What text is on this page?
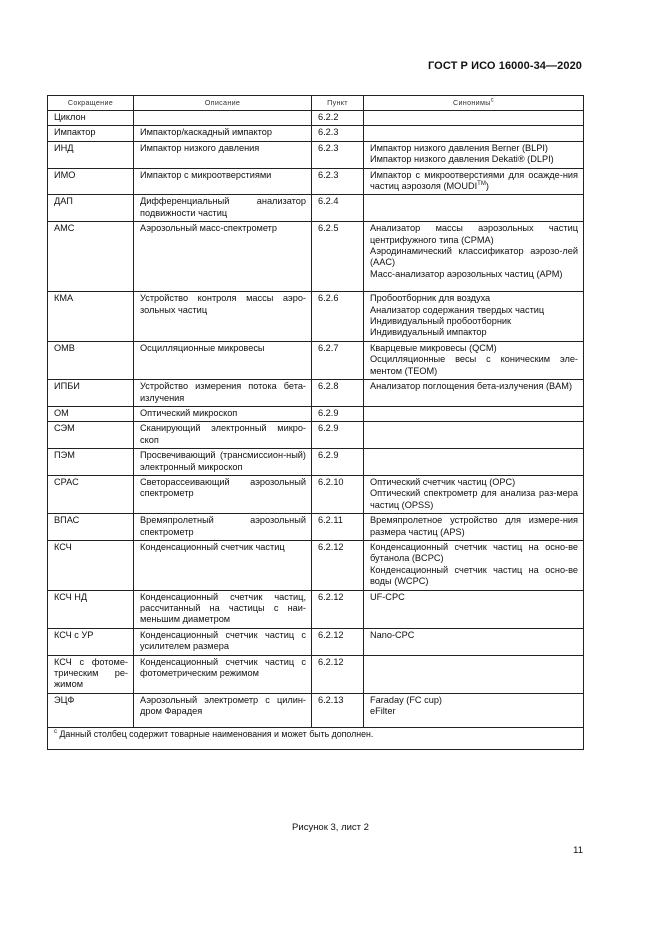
ГОСТ Р ИСО 16000-34—2020
Сокращение	Описание	Пункт	Синонимы$^c$
Циклон		6.2.2	
Импактор	Импактор/каскадный импактор	6.2.3	
ИНД	Импактор низкого давления	6.2.3	Импактор низкого давления Berner (BLPI)
Импактор низкого давления Dekati® (DLPI)

ИМО	Импактор с микроотверстиями	6.2.3	Импактор с микроотверстиями для осажде-ния частиц аэрозоля (MOUDI™)

ДАП	Дифференциальный анализатор подвижности частиц	6.2.4	
АМС	Аэрозольный масс-спектрометр	6.2.5	Анализатор массы аэрозольных частиц центрифужного типа (CPMA)
Аэродинамический классификатор аэрозо-лей (AAC)
Масс-анализатор аэрозольных частиц (APM)

КМА	Устройство контроля массы аэро-зольных частиц	6.2.6	Пробоотборник для воздуха
Анализатор содержания твердых частиц
Индивидуальный пробоотборник
Индивидуальный импактор

ОМВ	Осцилляционные микровесы	6.2.7	Кварцевые микровесы (QCM)
Осцилляционные весы с коническим эле-ментом (TEOM)

ИПБИ	Устройство измерения потока бета-излучения	6.2.8	Анализатор поглощения бета-излучения (BAM)

ОМ	Оптический микроскоп	6.2.9	
СЭМ	Сканирующий электронный микро-скоп	6.2.9	
ПЭМ	Просвечивающий (трансмиссион-ный) электронный микроскоп	6.2.9	
СРАС	Светорассеивающий аэрозольный спектрометр	6.2.10	Оптический счетчик частиц (OPC)
Оптический спектрометр для анализа раз-мера частиц (OPSS)

ВПАС	Времяпролетный аэрозольный спектрометр	6.2.11	Времяпролетное устройство для измере-ния размера частиц (APS)

КСЧ	Конденсационный счетчик частиц	6.2.12	Конденсационный счетчик частиц на осно-ве бутанола (BCPC)
Конденсационный счетчик частиц на осно-ве воды (WCPC)

КСЧ НД	Конденсационный счетчик частиц, рассчитанный на частицы с наи-меньшим диаметром	6.2.12	UF-CPC

КСЧ с УР	Конденсационный счетчик частиц с усилителем размера	6.2.12	Nano-CPC

КСЧ с фотоме-трическим ре-жимом	Конденсационный счетчик частиц с фотометрическим режимом	6.2.12	
ЭЦФ	Аэрозольный электрометр с цилин-дром Фарадея	6.2.13	Faraday (FC cup)
eFilter

$^c$ Данный столбец содержит товарные наименования и может быть дополнен.			
Рисунок 3, лист 2
11
